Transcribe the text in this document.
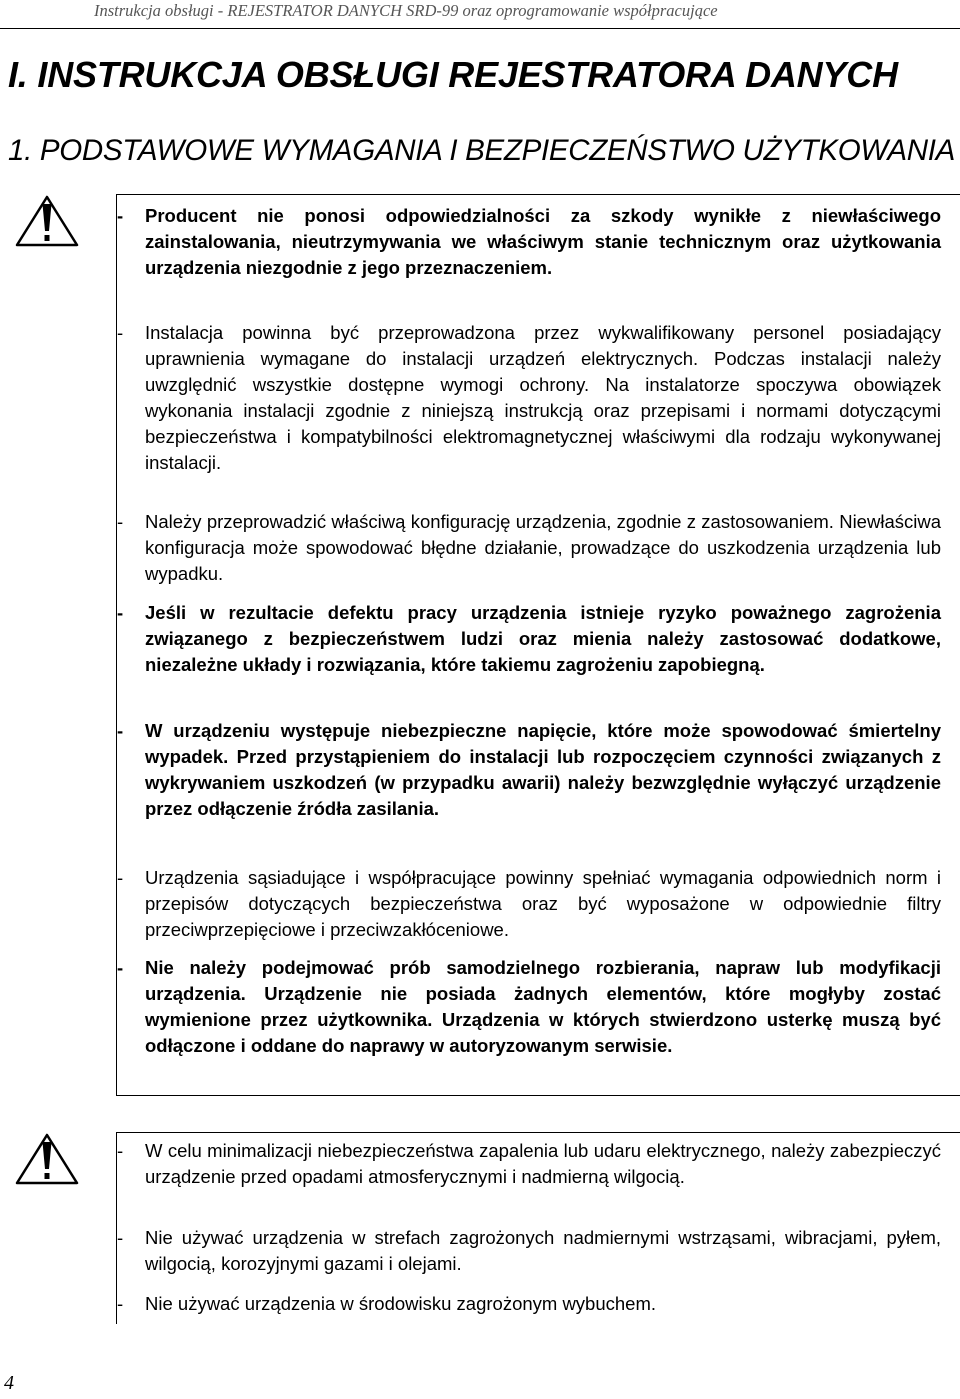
Instrukcja obsługi - REJESTRATOR DANYCH SRD-99 oraz oprogramowanie współpracujące
I. INSTRUKCJA OBSŁUGI REJESTRATORA DANYCH
1. PODSTAWOWE WYMAGANIA I BEZPIECZEŃSTWO UŻYTKOWANIA
- Producent nie ponosi odpowiedzialności za szkody wynikłe z niewłaściwego zainstalowania, nieutrzymywania we właściwym stanie technicznym oraz użytkowania urządzenia niezgodnie z jego przeznaczeniem.
- Instalacja powinna być przeprowadzona przez wykwalifikowany personel posiadający uprawnienia wymagane do instalacji urządzeń elektrycznych. Podczas instalacji należy uwzględnić wszystkie dostępne wymogi ochrony. Na instalatorze spoczywa obowiązek wykonania instalacji zgodnie z niniejszą instrukcją oraz przepisami i normami dotyczącymi bezpieczeństwa i kompatybilności elektromagnetycznej właściwymi dla rodzaju wykonywanej instalacji.
- Należy przeprowadzić właściwą konfigurację urządzenia, zgodnie z zastosowaniem. Niewłaściwa konfiguracja może spowodować błędne działanie, prowadzące do uszkodzenia urządzenia lub wypadku.
- Jeśli w rezultacie defektu pracy urządzenia istnieje ryzyko poważnego zagrożenia związanego z bezpieczeństwem ludzi oraz mienia należy zastosować dodatkowe, niezależne układy i rozwiązania, które takiemu zagrożeniu zapobiegną.
- W urządzeniu występuje niebezpieczne napięcie, które może spowodować śmiertelny wypadek. Przed przystąpieniem do instalacji lub rozpoczęciem czynności związanych z wykrywaniem uszkodzeń (w przypadku awarii) należy bezwzględnie wyłączyć urządzenie przez odłączenie źródła zasilania.
- Urządzenia sąsiadujące i współpracujące powinny spełniać wymagania odpowiednich norm i przepisów dotyczących bezpieczeństwa oraz być wyposażone w odpowiednie filtry przeciwprzepięciowe i przeciwzakłóceniowe.
- Nie należy podejmować prób samodzielnego rozbierania, napraw lub modyfikacji urządzenia. Urządzenie nie posiada żadnych elementów, które mogłyby zostać wymienione przez użytkownika. Urządzenia w których stwierdzono usterkę muszą być odłączone i oddane do naprawy w autoryzowanym serwisie.
- W celu minimalizacji niebezpieczeństwa zapalenia lub udaru elektrycznego, należy zabezpieczyć urządzenie przed opadami atmosferycznymi i nadmierną wilgocią.
- Nie używać urządzenia w strefach zagrożonych nadmiernymi wstrząsami, wibracjami, pyłem, wilgocią, korozyjnymi gazami i olejami.
- Nie używać urządzenia w środowisku zagrożonym wybuchem.
4
